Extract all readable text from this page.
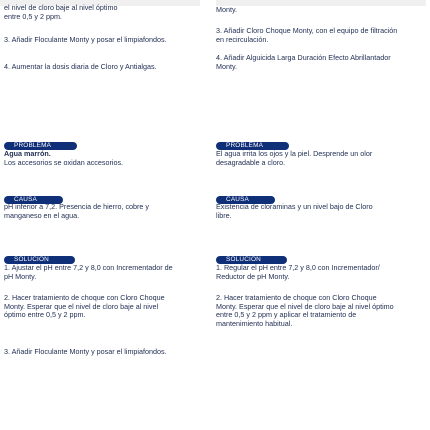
el nivel de cloro baje al nivel óptimo
entre 0,5 y 2 ppm.
3. Añadir Floculante Monty y posar el limpiafondos.
4. Aumentar la dosis diaria de Cloro y Antialgas.
PROBLEMA
Agua marrón.
Los accesorios se oxidan accesorios.
CAUSA
pH inferior a 7,2. Presencia de hierro, cobre y manganeso en el agua.
SOLUCION
1. Ajustar el pH entre 7,2 y 8,0 con Incrementador de pH Monty.
2. Hacer tratamiento de choque con Cloro Choque Monty. Esperar que el nivel de cloro baje al nivel óptimo entre 0,5 y 2 ppm.
3. Añadir Floculante Monty y posar el limpiafondos.
Monty.
3. Añadir Cloro Choque Monty, con el equipo de filtración en recirculación.
4. Añadir Alguicida Larga Duración Efecto Abrillantador Monty.
PROBLEMA
El agua irrita los ojos y la piel. Desprende un olor desagradable a cloro.
CAUSA
Existencia de cloraminas y un nivel bajo de Cloro libre.
SOLUCION
1. Regular el pH entre 7,2 y 8,0 con Incrementador/ Reductor de pH Monty.
2. Hacer tratamiento de choque con Cloro Choque Monty. Esperar que el nivel de cloro baje al nivel óptimo entre 0,5 y 2 ppm y aplicar el tratamiento de mantenimiento habitual.
